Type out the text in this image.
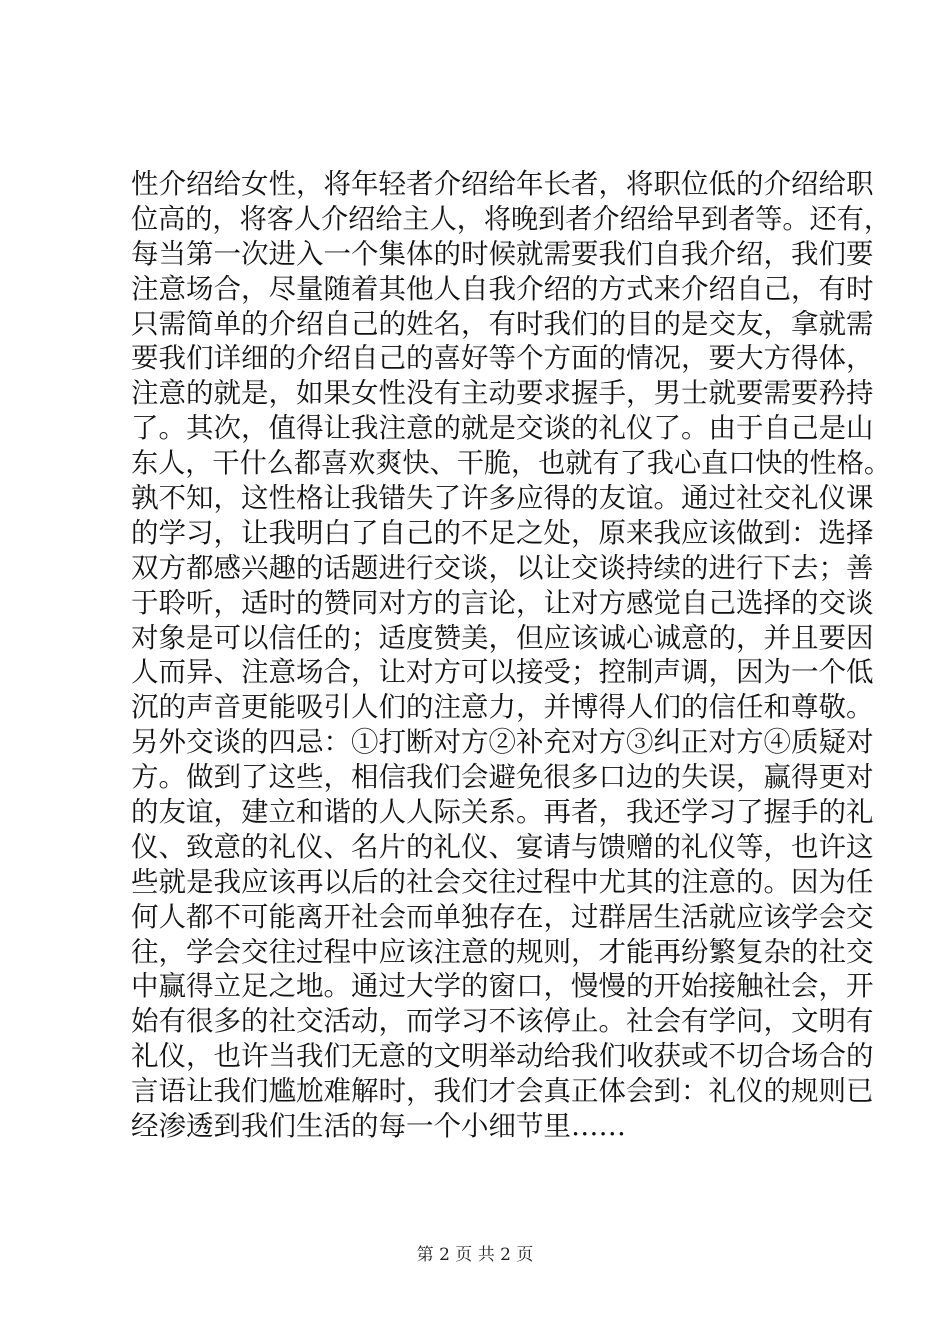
性介绍给女性，将年轻者介绍给年长者，将职位低的介绍给职
位高的，将客人介绍给主人，将晚到者介绍给早到者等。还有，
每当第一次进入一个集体的时候就需要我们自我介绍，我们要
注意场合，尽量随着其他人自我介绍的方式来介绍自己，有时
只需简单的介绍自己的姓名，有时我们的目的是交友，拿就需
要我们详细的介绍自己的喜好等个方面的情况，要大方得体，
注意的就是，如果女性没有主动要求握手，男士就要需要矜持
了。其次，值得让我注意的就是交谈的礼仪了。由于自己是山
东人，干什么都喜欢爽快、干脆，也就有了我心直口快的性格。
孰不知，这性格让我错失了许多应得的友谊。通过社交礼仪课
的学习，让我明白了自己的不足之处，原来我应该做到：选择
双方都感兴趣的话题进行交谈，以让交谈持续的进行下去；善
于聆听，适时的赞同对方的言论，让对方感觉自己选择的交谈
对象是可以信任的；适度赞美，但应该诚心诚意的，并且要因
人而异、注意场合，让对方可以接受；控制声调，因为一个低
沉的声音更能吸引人们的注意力，并博得人们的信任和尊敬。
另外交谈的四忌：①打断对方②补充对方③纠正对方④质疑对
方。做到了这些，相信我们会避免很多口边的失误，赢得更对
的友谊，建立和谐的人人际关系。再者，我还学习了握手的礼
仪、致意的礼仪、名片的礼仪、宴请与馈赠的礼仪等，也许这
些就是我应该再以后的社会交往过程中尤其的注意的。因为任
何人都不可能离开社会而单独存在，过群居生活就应该学会交
往，学会交往过程中应该注意的规则，才能再纷繁复杂的社交
中赢得立足之地。通过大学的窗口，慢慢的开始接触社会，开
始有很多的社交活动，而学习不该停止。社会有学问，文明有
礼仪，也许当我们无意的文明举动给我们收获或不切合场合的
言语让我们尴尬难解时，我们才会真正体会到：礼仪的规则已
经渗透到我们生活的每一个小细节里……
第 2 页 共 2 页
